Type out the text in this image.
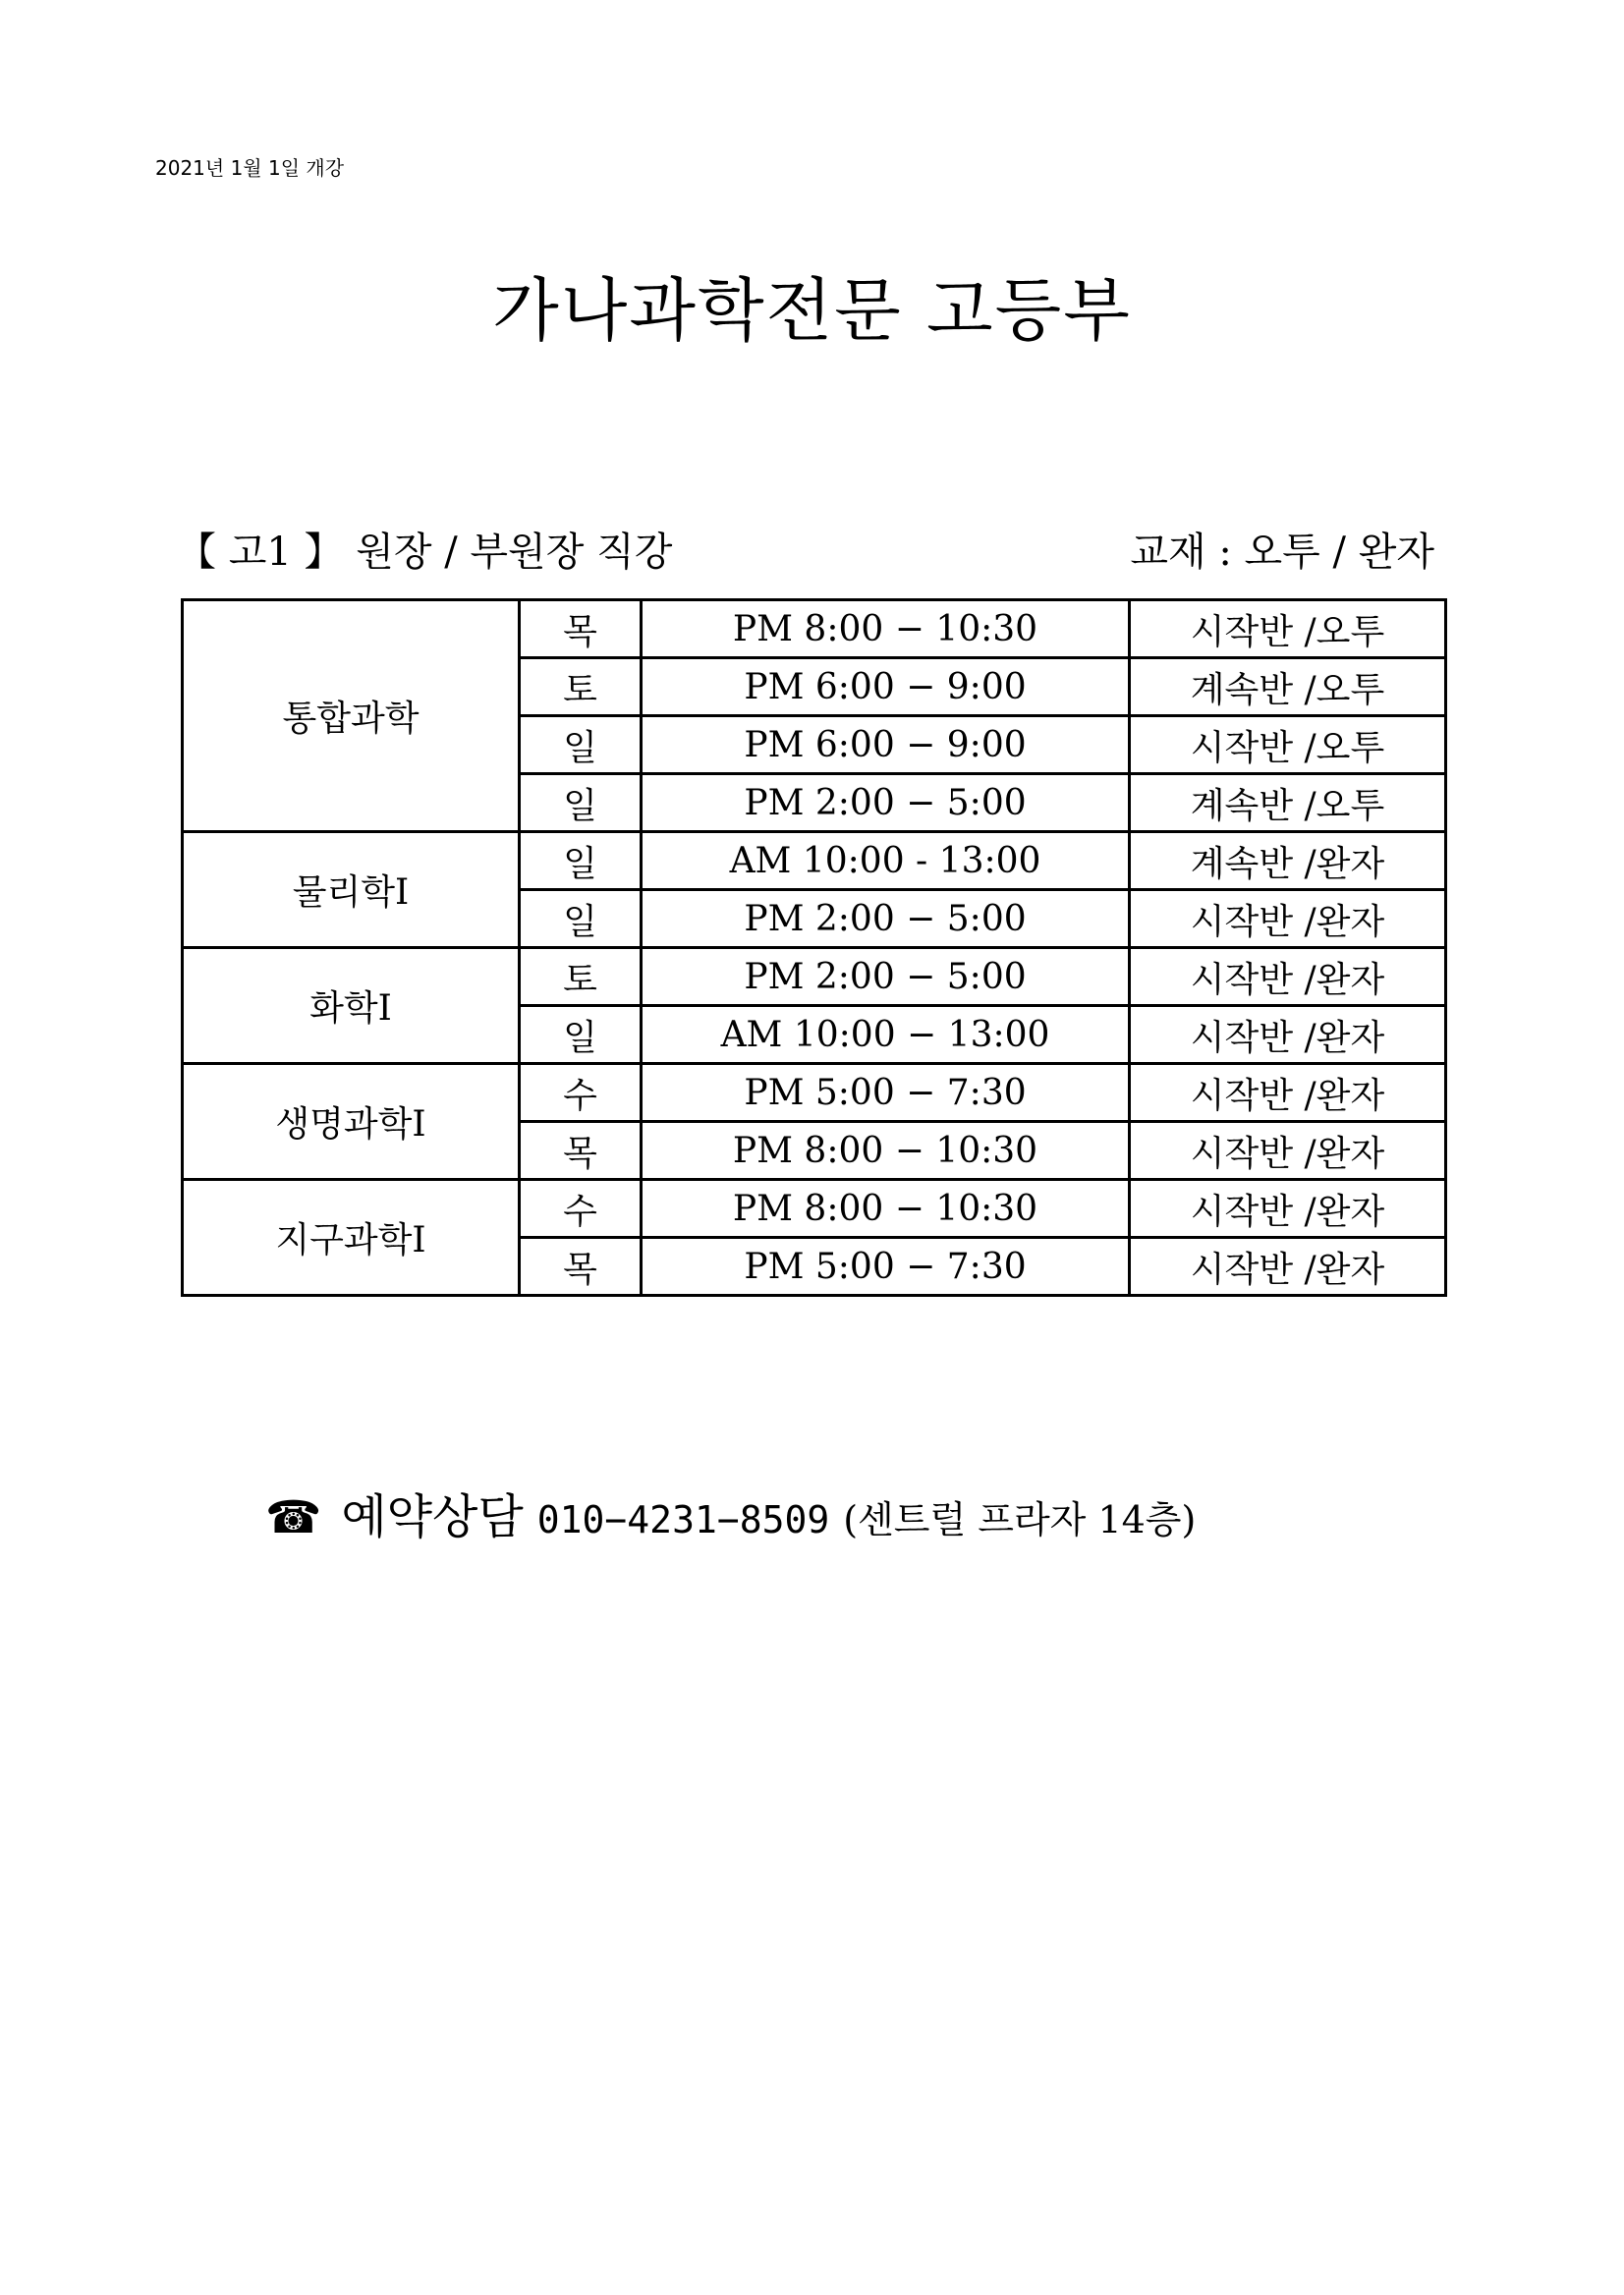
2021년 1월 1일 개강
가나과학전문 고등부
【 고1 】 원장 / 부원장 직강	교재 : 오투 / 완자
통합과학	목	PM 8:00 − 10:30	시작반 /오투
	토	PM 6:00 − 9:00	계속반 /오투
	일	PM 6:00 − 9:00	시작반 /오투
	일	PM 2:00 − 5:00	계속반 /오투
물리학Ⅰ	일	AM 10:00 - 13:00	계속반 /완자
	일	PM 2:00 − 5:00	시작반 /완자
화학Ⅰ	토	PM 2:00 − 5:00	시작반 /완자
	일	AM 10:00 − 13:00	시작반 /완자
생명과학Ⅰ	수	PM 5:00 − 7:30	시작반 /완자
	목	PM 8:00 − 10:30	시작반 /완자
지구과학Ⅰ	수	PM 8:00 − 10:30	시작반 /완자
	목	PM 5:00 − 7:30	시작반 /완자
☎ 예약상담 010−4231−8509 (센트럴 프라자 14층)
